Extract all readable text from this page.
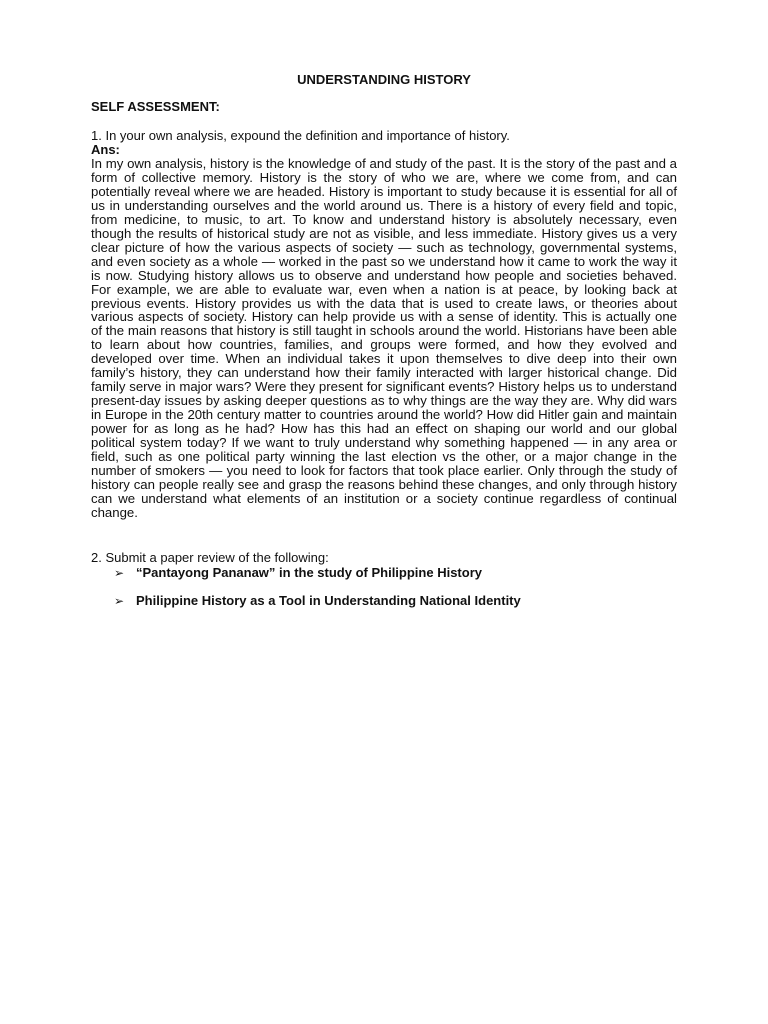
UNDERSTANDING HISTORY
SELF ASSESSMENT:

1. In your own analysis, expound the definition and importance of history.

Ans:

In my own analysis, history is the knowledge of and study of the past. It is the story of the past and a form of collective memory. History is the story of who we are, where we come from, and can potentially reveal where we are headed. History is important to study because it is essential for all of us in understanding ourselves and the world around us. There is a history of every field and topic, from medicine, to music, to art. To know and understand history is absolutely necessary, even though the results of historical study are not as visible, and less immediate. History gives us a very clear picture of how the various aspects of society — such as technology, governmental systems, and even society as a whole — worked in the past so we understand how it came to work the way it is now. Studying history allows us to observe and understand how people and societies behaved. For example, we are able to evaluate war, even when a nation is at peace, by looking back at previous events. History provides us with the data that is used to create laws, or theories about various aspects of society. History can help provide us with a sense of identity. This is actually one of the main reasons that history is still taught in schools around the world. Historians have been able to learn about how countries, families, and groups were formed, and how they evolved and developed over time. When an individual takes it upon themselves to dive deep into their own family’s history, they can understand how their family interacted with larger historical change. Did family serve in major wars? Were they present for significant events? History helps us to understand present-day issues by asking deeper questions as to why things are the way they are. Why did wars in Europe in the 20th century matter to countries around the world? How did Hitler gain and maintain power for as long as he had? How has this had an effect on shaping our world and our global political system today? If we want to truly understand why something happened — in any area or field, such as one political party winning the last election vs the other, or a major change in the number of smokers — you need to look for factors that took place earlier. Only through the study of history can people really see and grasp the reasons behind these changes, and only through history can we understand what elements of an institution or a society continue regardless of continual change.

2. Submit a paper review of the following:

➢ “Pantayong Pananaw” in the study of Philippine History
➢ Philippine History as a Tool in Understanding National Identity
